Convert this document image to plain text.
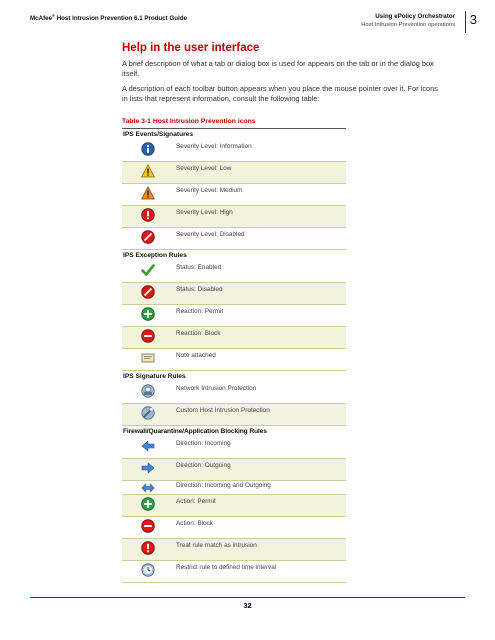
McAfee® Host Intrusion Prevention 6.1 Product Guide	Using ePolicy Orchestrator
Host Intrusion Prevention operations	3
Help in the user interface

A brief description of what a tab or dialog box is used for appears on the tab or in the dialog box itself.

A description of each toolbar button appears when you place the mouse pointer over it. For icons in lists that represent information, consult the following table:

Table 3-1 Host Intrusion Prevention icons
IPS Events/Signatures
Severity Level: Information
Severity Level: Low
Severity Level: Medium
Severity Level: High
Severity Level: Disabled
IPS Exception Rules
Status: Enabled
Status: Disabled
Reaction: Permit
Reaction: Block
Note attached
IPS Signature Rules
Network Intrusion Protection
Custom Host Intrusion Protection
Firewall/Quarantine/Application Blocking Rules
Direction: Incoming
Direction: Outgoing
Direction: Incoming and Outgoing
Action: Permit
Action: Block
Treat rule match as intrusion
Restrict rule to defined time interval
32
